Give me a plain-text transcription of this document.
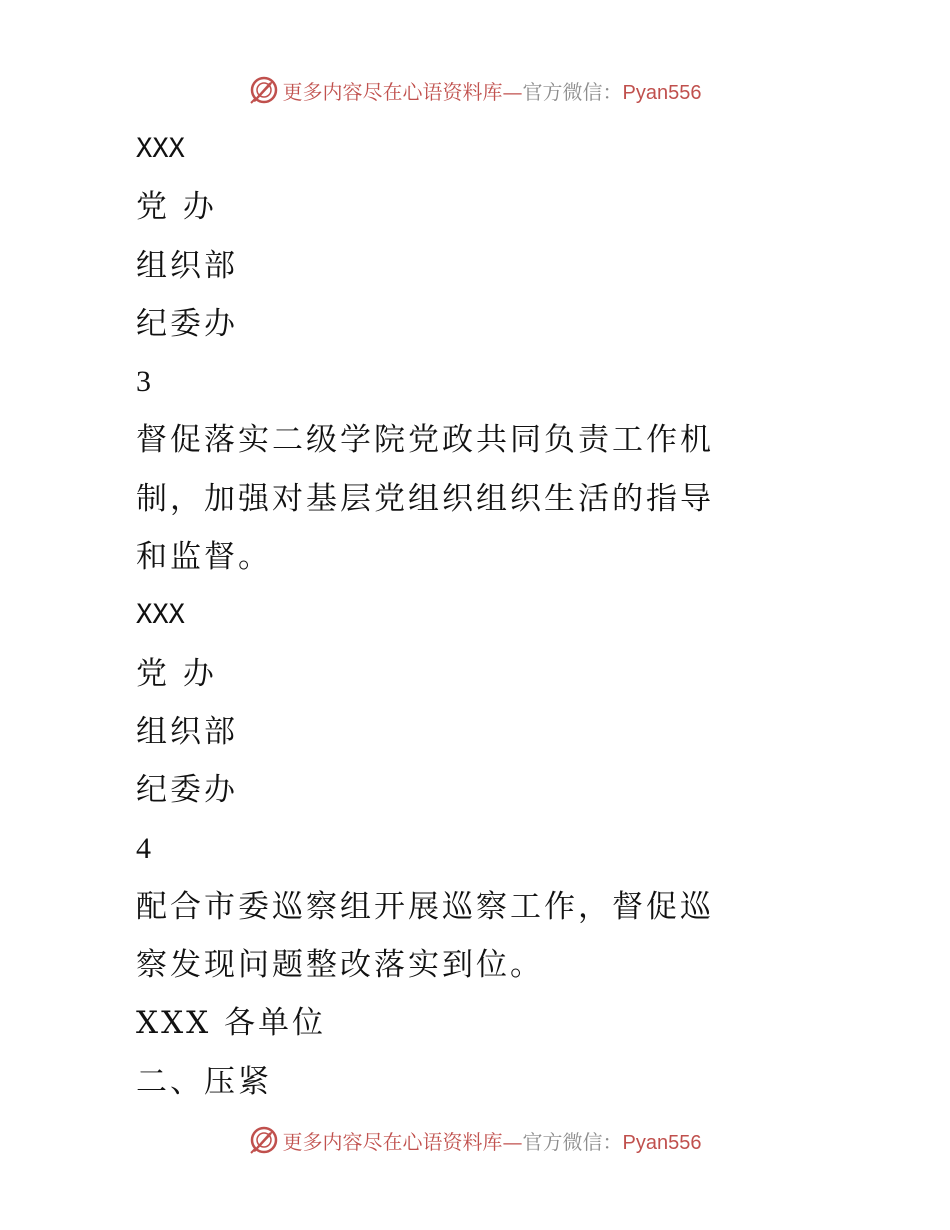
更多内容尽在心语资料库—官方微信：Pyan556
XXX
党 办
组织部
纪委办
3
督促落实二级学院党政共同负责工作机
制，加强对基层党组织组织生活的指导
和监督。
XXX
党 办
组织部
纪委办
4
配合市委巡察组开展巡察工作，督促巡
察发现问题整改落实到位。
XXX 各单位
二、压紧
更多内容尽在心语资料库—官方微信：Pyan556
